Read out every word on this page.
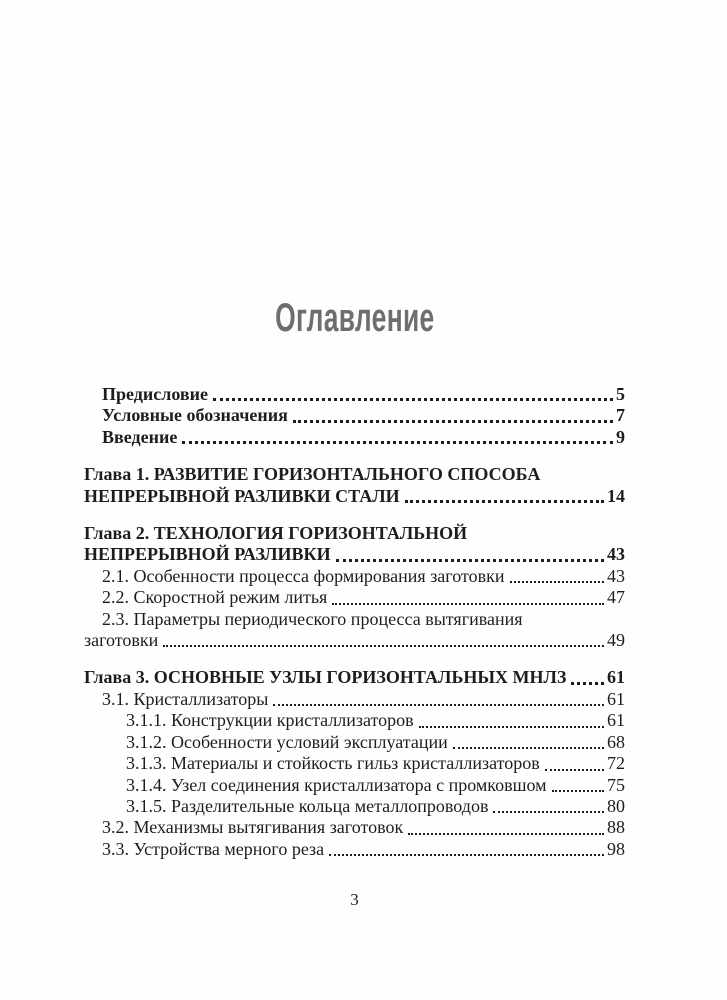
Оглавление
Предисловие	5
Условные обозначения	7
Введение	9
Глава 1. РАЗВИТИЕ ГОРИЗОНТАЛЬНОГО СПОСОБА
НЕПРЕРЫВНОЙ РАЗЛИВКИ СТАЛИ	14
Глава 2. ТЕХНОЛОГИЯ ГОРИЗОНТАЛЬНОЙ
НЕПРЕРЫВНОЙ РАЗЛИВКИ	43
2.1. Особенности процесса формирования заготовки	43
2.2. Скоростной режим литья	47
2.3. Параметры периодического процесса вытягивания
заготовки	49
Глава 3. ОСНОВНЫЕ УЗЛЫ ГОРИЗОНТАЛЬНЫХ МНЛЗ 61
3.1. Кристаллизаторы	61
3.1.1. Конструкции кристаллизаторов	61
3.1.2. Особенности условий эксплуатации	68
3.1.3. Материалы и стойкость гильз кристаллизаторов	72
3.1.4. Узел соединения кристаллизатора с промковшом	75
3.1.5. Разделительные кольца металлопроводов	80
3.2. Механизмы вытягивания заготовок	88
3.3. Устройства мерного реза	98
3
